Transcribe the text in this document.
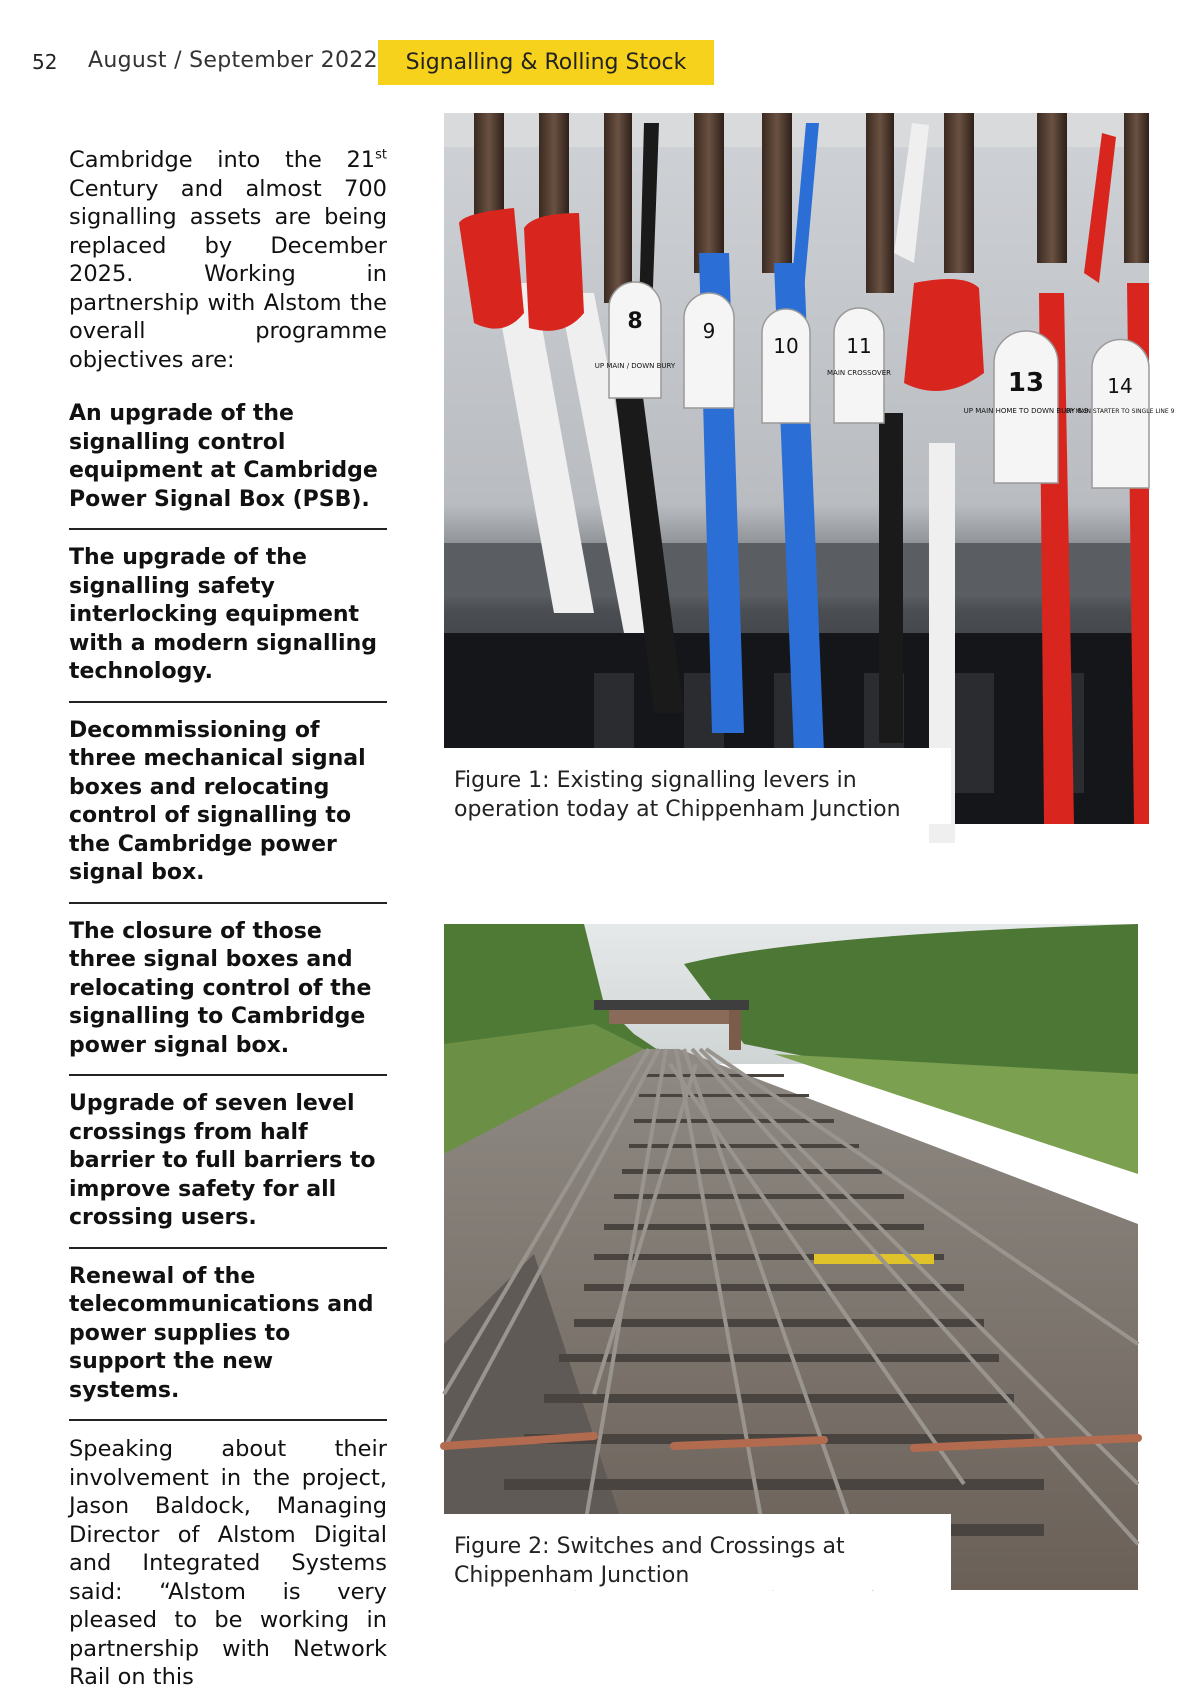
52 August / September 2022	Signalling & Rolling Stock

Cambridge into the 21st Century and almost 700 signalling assets are being replaced by December 2025. Working in partnership with Alstom the overall programme objectives are:

An upgrade of the signalling control equipment at Cambridge Power Signal Box (PSB).
The upgrade of the signalling safety interlocking equipment with a modern signalling technology.
Decommissioning of three mechanical signal boxes and relocating control of signalling to the Cambridge power signal box.
The closure of those three signal boxes and relocating control of the signalling to Cambridge power signal box.
Upgrade of seven level crossings from half barrier to full barriers to improve safety for all crossing users.
Renewal of the telecommunications and power supplies to support the new systems.

Speaking about their involvement in the project, Jason Baldock, Managing Director of Alstom Digital and Integrated Systems said: “Alstom is very pleased to be working in partnership with Network Rail on this

8	9
10 11
13	14
UP MAIN / DOWN BURY
MAIN CROSSOVER
UP MAIN HOME TO DOWN BURY 8.9
UP MAIN STARTER TO SINGLE LINE 9
Figure 1: Existing signalling levers in operation today at Chippenham Junction
Figure 2: Switches and Crossings at Chippenham Junction
